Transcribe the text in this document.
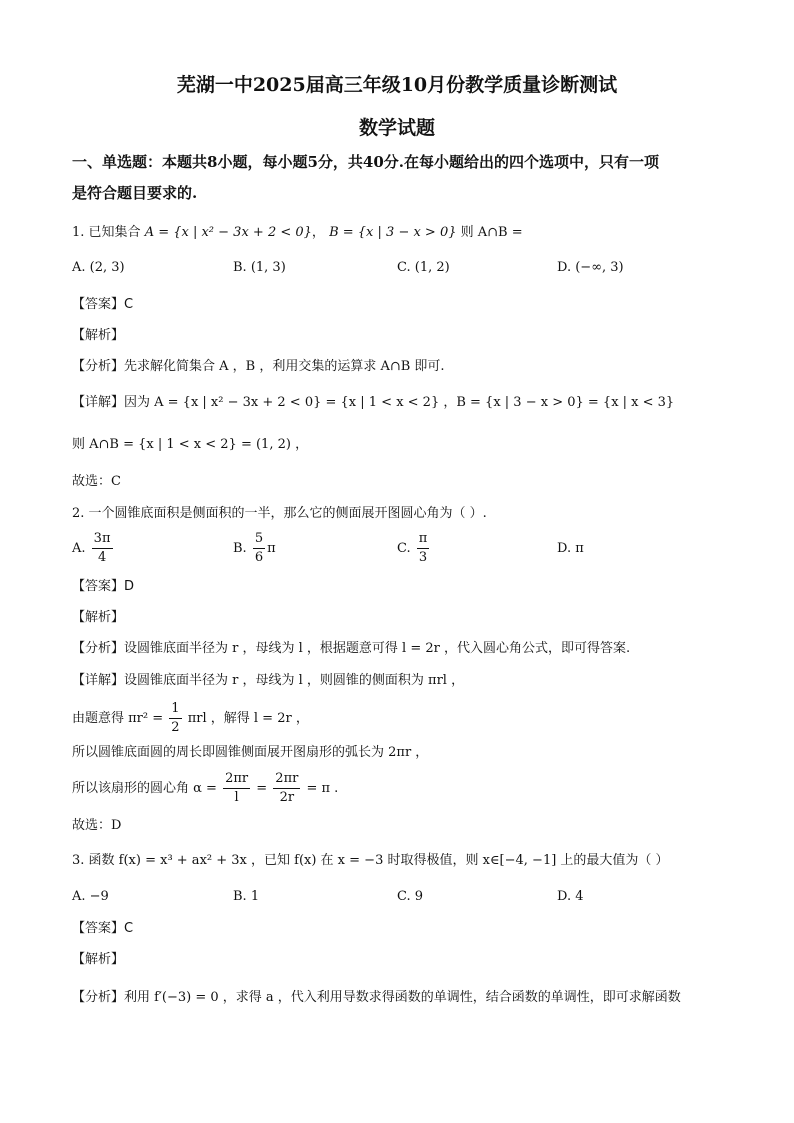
芜湖一中2025届高三年级10月份教学质量诊断测试
数学试题
一、单选题：本题共8小题，每小题5分，共40分.在每小题给出的四个选项中，只有一项
是符合题目要求的.
1. 已知集合 A = {x | x² − 3x + 2 < 0}， B = {x | 3 − x > 0} 则 A∩B =
A. (2, 3)	B. (1, 3)	C. (1, 2)	D. (−∞, 3)
【答案】C
【解析】
【分析】先求解化简集合 A ，B ，利用交集的运算求 A∩B 即可.
【详解】因为 A = {x | x² − 3x + 2 < 0} = {x | 1 < x < 2} ，B = {x | 3 − x > 0} = {x | x < 3}
则 A∩B = {x | 1 < x < 2} = (1, 2) ，
故选：C
2. 一个圆锥底面积是侧面积的一半，那么它的侧面展开图圆心角为（ ）.
A. $\frac{3\pi}{4}$	B. $\frac{5}{6}$ π	C. $\frac{\pi}{3}$	D. π
【答案】D
【解析】
【分析】设圆锥底面半径为 r ，母线为 l ，根据题意可得 l = 2r ，代入圆心角公式，即可得答案.
【详解】设圆锥底面半径为 r ，母线为 l ，则圆锥的侧面积为 πrl ，
由题意得 $\pi r^2 = \frac{1}{2}$ πrl ，解得 l = 2r ，
所以圆锥底面圆的周长即圆锥侧面展开图扇形的弧长为 2πr ，
所以该扇形的圆心角 $\alpha = \frac{2\pi r}{l} = \frac{2\pi r}{2r} = \pi$ .
故选：D
3. 函数 f(x) = x³ + ax² + 3x ，已知 f(x) 在 x = −3 时取得极值，则 x∈[−4, −1] 上的最大值为（ ）
A. −9	B. 1	C. 9	D. 4
【答案】C
【解析】
【分析】利用 f′(−3) = 0 ，求得 a ，代入利用导数求得函数的单调性，结合函数的单调性，即可求解函数
